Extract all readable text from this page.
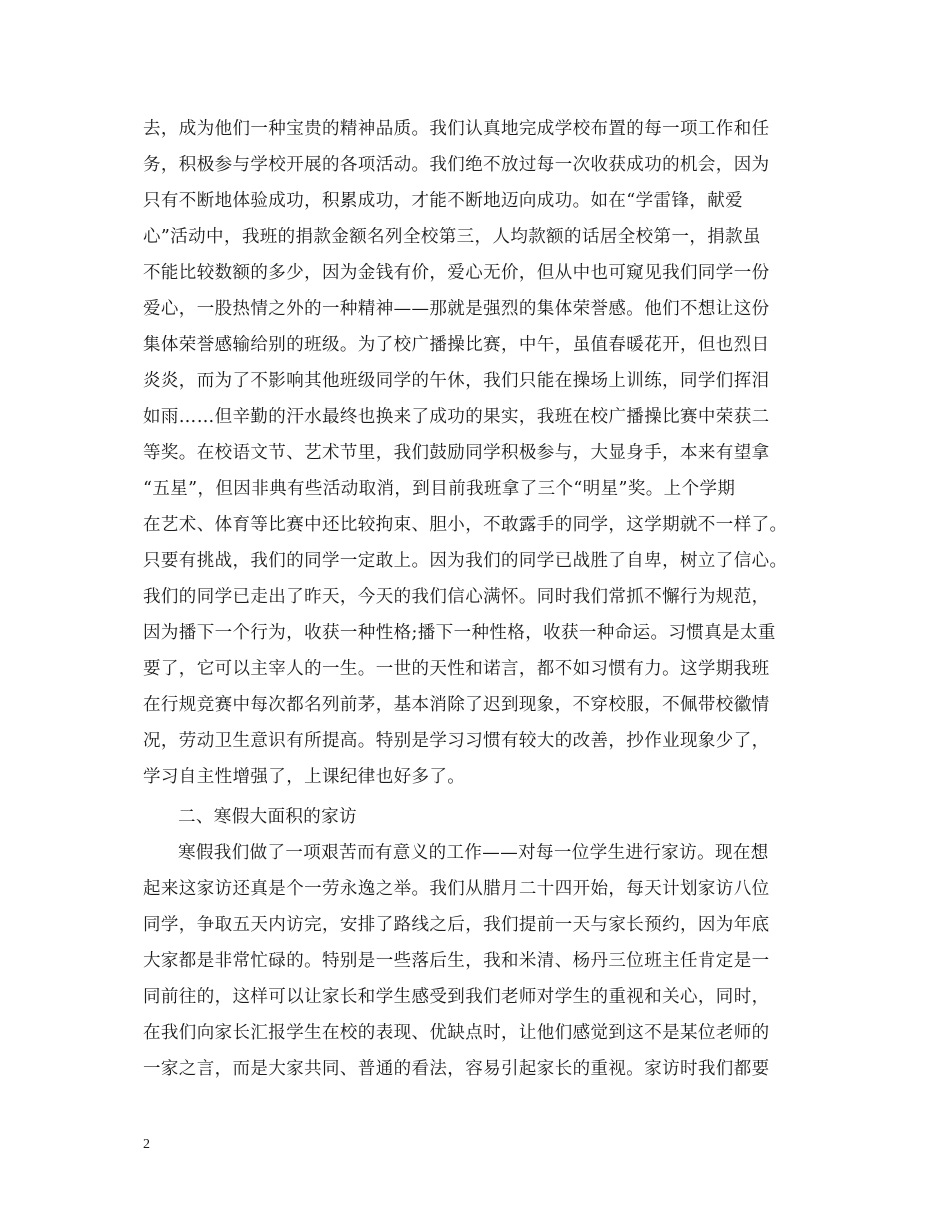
去，成为他们一种宝贵的精神品质。我们认真地完成学校布置的每一项工作和任
务，积极参与学校开展的各项活动。我们绝不放过每一次收获成功的机会，因为
只有不断地体验成功，积累成功，才能不断地迈向成功。如在“学雷锋，献爱
心”活动中，我班的捐款金额名列全校第三，人均款额的话居全校第一，捐款虽
不能比较数额的多少，因为金钱有价，爱心无价，但从中也可窥见我们同学一份
爱心，一股热情之外的一种精神——那就是强烈的集体荣誉感。他们不想让这份
集体荣誉感输给别的班级。为了校广播操比赛，中午，虽值春暖花开，但也烈日
炎炎，而为了不影响其他班级同学的午休，我们只能在操场上训练，同学们挥泪
如雨……但辛勤的汗水最终也换来了成功的果实，我班在校广播操比赛中荣获二
等奖。在校语文节、艺术节里，我们鼓励同学积极参与，大显身手，本来有望拿
“五星”，但因非典有些活动取消，到目前我班拿了三个“明星”奖。上个学期
在艺术、体育等比赛中还比较拘束、胆小，不敢露手的同学，这学期就不一样了。
只要有挑战，我们的同学一定敢上。因为我们的同学已战胜了自卑，树立了信心。
我们的同学已走出了昨天，今天的我们信心满怀。同时我们常抓不懈行为规范，
因为播下一个行为，收获一种性格;播下一种性格，收获一种命运。习惯真是太重
要了，它可以主宰人的一生。一世的天性和诺言，都不如习惯有力。这学期我班
在行规竞赛中每次都名列前茅，基本消除了迟到现象，不穿校服，不佩带校徽情
况，劳动卫生意识有所提高。特别是学习习惯有较大的改善，抄作业现象少了，
学习自主性增强了，上课纪律也好多了。
二、寒假大面积的家访
寒假我们做了一项艰苦而有意义的工作——对每一位学生进行家访。现在想
起来这家访还真是个一劳永逸之举。我们从腊月二十四开始，每天计划家访八位
同学，争取五天内访完，安排了路线之后，我们提前一天与家长预约，因为年底
大家都是非常忙碌的。特别是一些落后生，我和米清、杨丹三位班主任肯定是一
同前往的，这样可以让家长和学生感受到我们老师对学生的重视和关心，同时，
在我们向家长汇报学生在校的表现、优缺点时，让他们感觉到这不是某位老师的
一家之言，而是大家共同、普通的看法，容易引起家长的重视。家访时我们都要
2
